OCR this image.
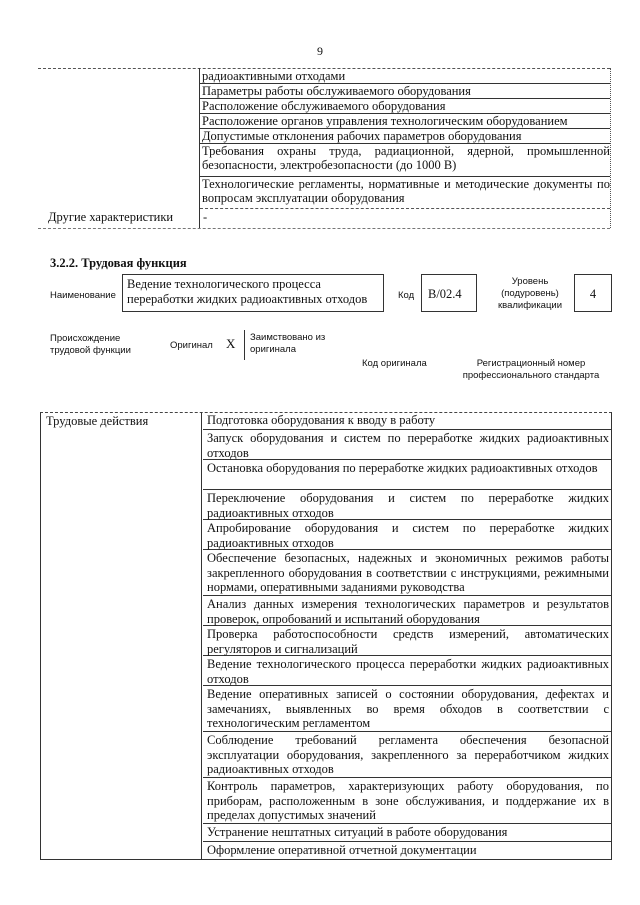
9
радиоактивными отходами
Параметры работы обслуживаемого оборудования
Расположение обслуживаемого оборудования
Расположение органов управления технологическим оборудованием
Допустимые отклонения рабочих параметров оборудования
Требования охраны труда, радиационной, ядерной, промышленной безопасности, электробезопасности (до 1000 В)
Технологические регламенты, нормативные и методические документы по вопросам эксплуатации оборудования
Другие характеристики -
3.2.2. Трудовая функция
Наименование
Ведение технологического процесса переработки жидких радиоактивных отходов	Код	B/02.4
Уровень (подуровень) квалификации
4
Происхождение трудовой функции	Оригинал X Заимствовано из оригинала
Код оригинала	Регистрационный номер профессионального стандарта
Трудовые действия	Подготовка оборудования к вводу в работу
Запуск оборудования и систем по переработке жидких радиоактивных отходов
Остановка оборудования по переработке жидких радиоактивных отходов
Переключение оборудования и систем по переработке жидких радиоактивных отходов
Апробирование оборудования и систем по переработке жидких радиоактивных отходов
Обеспечение безопасных, надежных и экономичных режимов работы закрепленного оборудования в соответствии с инструкциями, режимными нормами, оперативными заданиями руководства
Анализ данных измерения технологических параметров и результатов проверок, опробований и испытаний оборудования
Проверка работоспособности средств измерений, автоматических регуляторов и сигнализаций
Ведение технологического процесса переработки жидких радиоактивных отходов
Ведение оперативных записей о состоянии оборудования, дефектах и замечаниях, выявленных во время обходов в соответствии с технологическим регламентом
Соблюдение требований регламента обеспечения безопасной эксплуатации оборудования, закрепленного за переработчиком жидких радиоактивных отходов
Контроль параметров, характеризующих работу оборудования, по приборам, расположенным в зоне обслуживания, и поддержание их в пределах допустимых значений
Устранение нештатных ситуаций в работе оборудования
Оформление оперативной отчетной документации
